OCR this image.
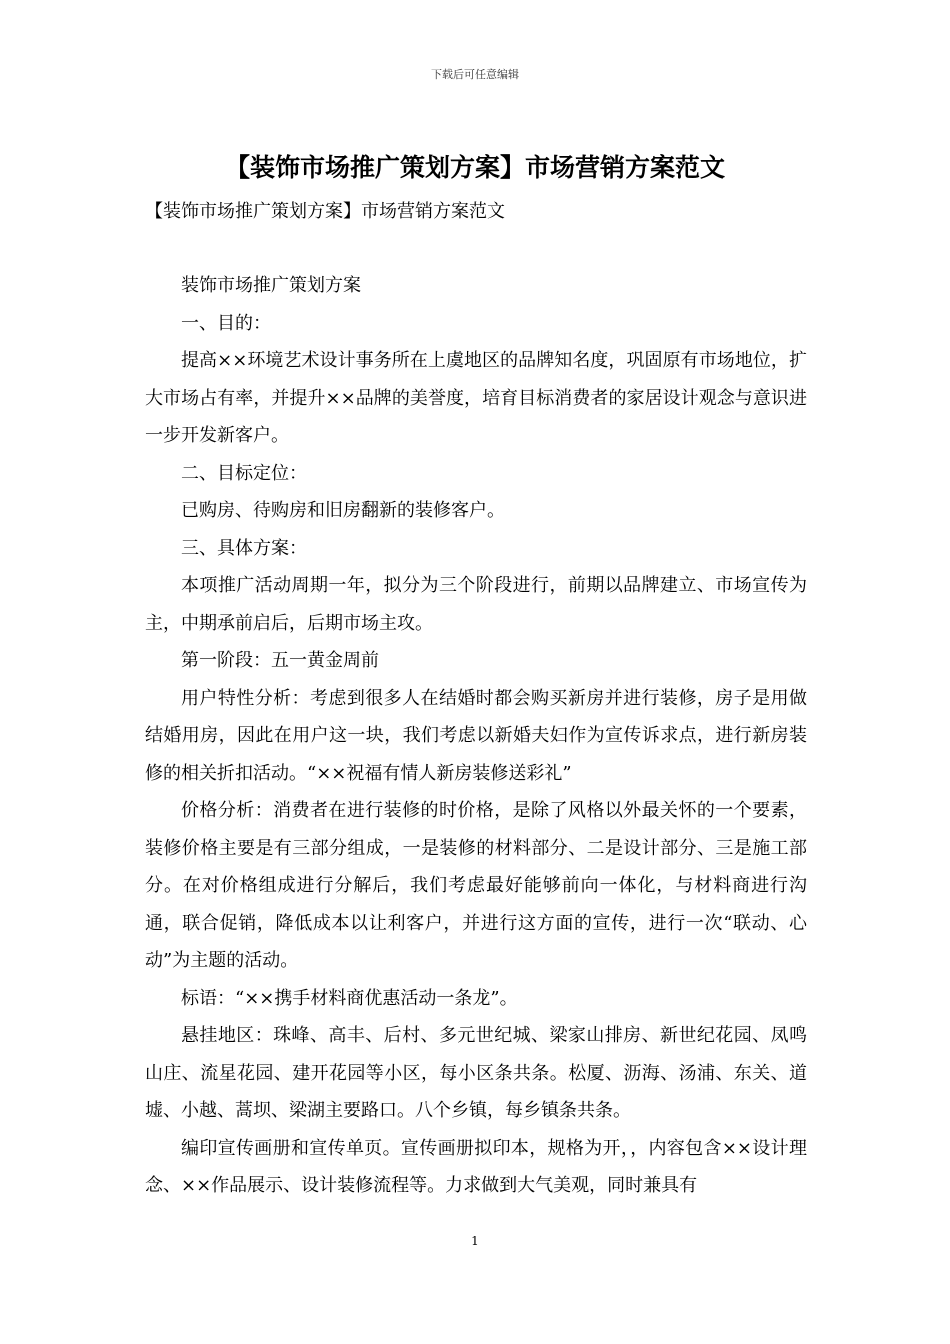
下载后可任意编辑
【装饰市场推广策划方案】市场营销方案范文

【装饰市场推广策划方案】市场营销方案范文

装饰市场推广策划方案

一、目的：

提高××环境艺术设计事务所在上虞地区的品牌知名度，巩固原有市场地位，扩大市场占有率，并提升××品牌的美誉度，培育目标消费者的家居设计观念与意识进一步开发新客户。

二、目标定位：

已购房、待购房和旧房翻新的装修客户。

三、具体方案：

本项推广活动周期一年，拟分为三个阶段进行，前期以品牌建立、市场宣传为主，中期承前启后，后期市场主攻。

第一阶段：五一黄金周前

用户特性分析：考虑到很多人在结婚时都会购买新房并进行装修，房子是用做结婚用房，因此在用户这一块，我们考虑以新婚夫妇作为宣传诉求点，进行新房装修的相关折扣活动。“××祝福有情人新房装修送彩礼”

价格分析：消费者在进行装修的时价格，是除了风格以外最关怀的一个要素，装修价格主要是有三部分组成，一是装修的材料部分、二是设计部分、三是施工部分。在对价格组成进行分解后，我们考虑最好能够前向一体化，与材料商进行沟通，联合促销，降低成本以让利客户，并进行这方面的宣传，进行一次“联动、心动”为主题的活动。

标语：“××携手材料商优惠活动一条龙”。

悬挂地区：珠峰、高丰、后村、多元世纪城、梁家山排房、新世纪花园、凤鸣山庄、流星花园、建开花园等小区，每小区条共条。松厦、沥海、汤浦、东关、道墟、小越、蒿坝、梁湖主要路口。八个乡镇，每乡镇条共条。

编印宣传画册和宣传单页。宣传画册拟印本，规格为开，，内容包含××设计理念、××作品展示、设计装修流程等。力求做到大气美观，同时兼具有

1
